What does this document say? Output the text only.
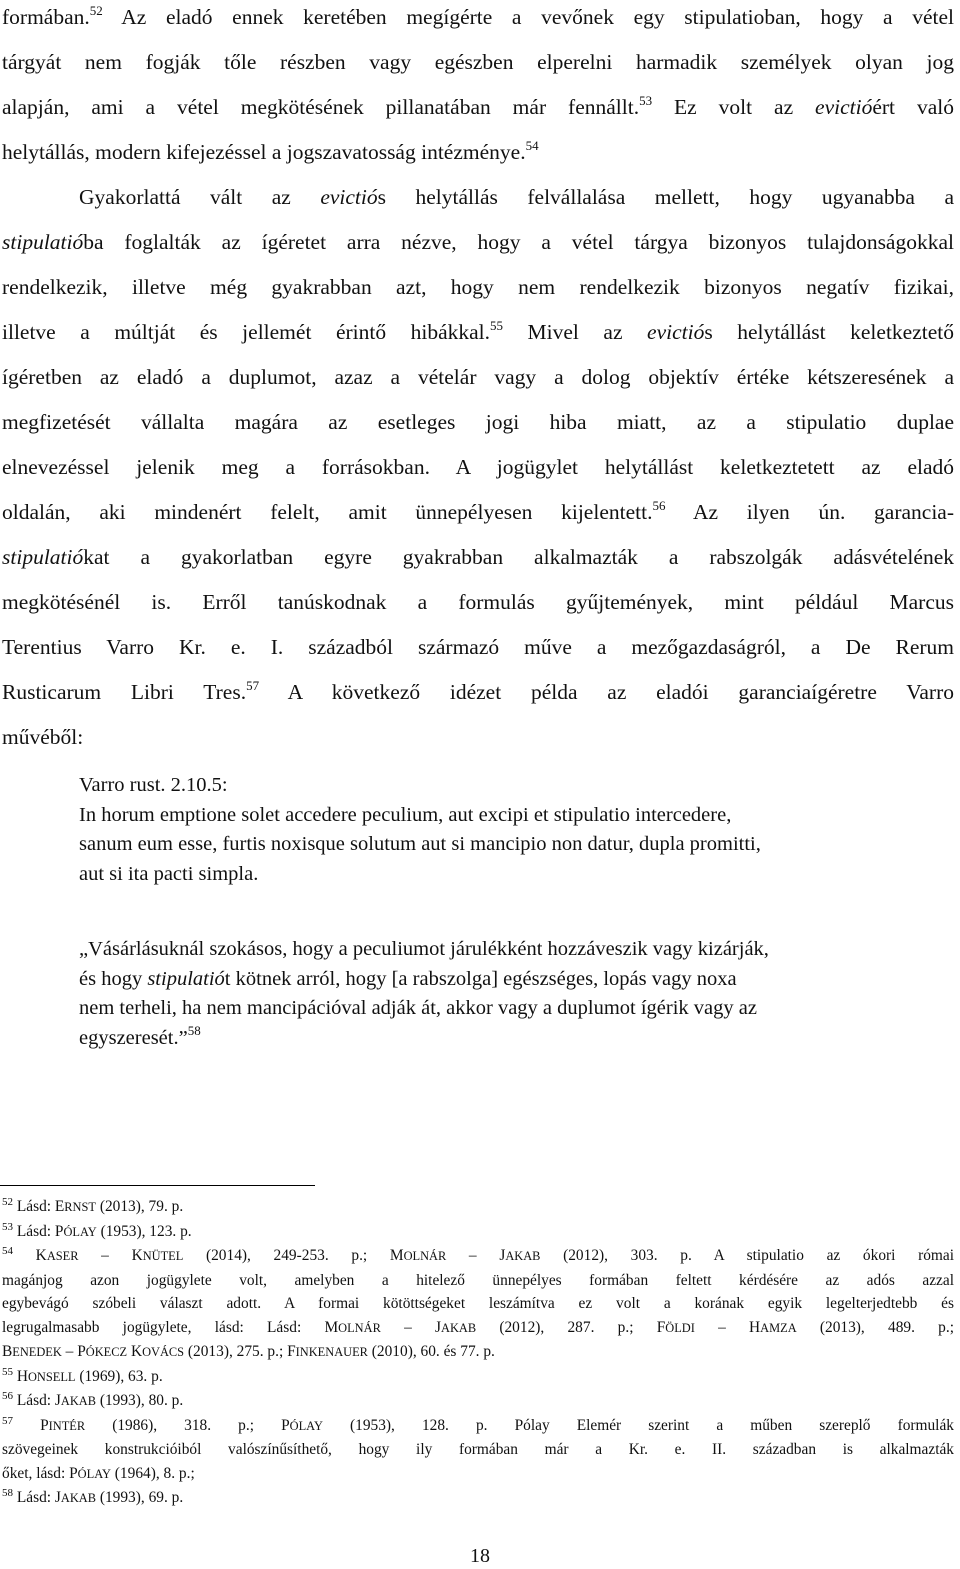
formában.$^{52}$ Az eladó ennek keretében megígérte a vevőnek egy stipulatioban, hogy a vétel
tárgyát nem fogják tőle részben vagy egészben elperelni harmadik személyek olyan jog
alapján, ami a vétel megkötésének pillanatában már fennállt.$^{53}$ Ez volt az evictióért való
helytállás, modern kifejezéssel a jogszavatosság intézménye.$^{54}$
Gyakorlattá vált az evictiós helytállás felvállalása mellett, hogy ugyanabba a
stipulatióba foglalták az ígéretet arra nézve, hogy a vétel tárgya bizonyos tulajdonságokkal
rendelkezik, illetve még gyakrabban azt, hogy nem rendelkezik bizonyos negatív fizikai,
illetve a múltját és jellemét érintő hibákkal.$^{55}$ Mivel az evictiós helytállást keletkeztető
ígéretben az eladó a duplumot, azaz a vételár vagy a dolog objektív értéke kétszeresének a
megfizetését vállalta magára az esetleges jogi hiba miatt, az a stipulatio duplae
elnevezéssel jelenik meg a forrásokban. A jogügylet helytállást keletkeztetett az eladó
oldalán, aki mindenért felelt, amit ünnepélyesen kijelentett.$^{56}$ Az ilyen ún. garancia-
stipulatiókat a gyakorlatban egyre gyakrabban alkalmazták a rabszolgák adásvételének
megkötésénél is. Erről tanúskodnak a formulás gyűjtemények, mint például Marcus
Terentius Varro Kr. e. I. századból származó műve a mezőgazdaságról, a De Rerum
Rusticarum Libri Tres.$^{57}$ A következő idézet példa az eladói garanciaígéretre Varro
művéből:
Varro rust. 2.10.5:
In horum emptione solet accedere peculium, aut excipi et stipulatio intercedere,
sanum eum esse, furtis noxisque solutum aut si mancipio non datur, dupla promitti,
aut si ita pacti simpla.
„Vásárlásuknál szokásos, hogy a peculiumot járulékként hozzáveszik vagy kizárják,
és hogy stipulatiót kötnek arról, hogy [a rabszolga] egészséges, lopás vagy noxa
nem terheli, ha nem mancipációval adják át, akkor vagy a duplumot ígérik vagy az
egyszeresét.”$^{58}$
$^{52}$ Lásd: ERNST (2013), 79. p.
$^{53}$ Lásd: PÓLAY (1953), 123. p.
$^{54}$ KASER – KNÜTEL (2014), 249-253. p.; MOLNÁR – JAKAB (2012), 303. p. A stipulatio az ókori római
magánjog azon jogügylete volt, amelyben a hitelező ünnepélyes formában feltett kérdésére az adós azzal
egybevágó szóbeli választ adott. A formai kötöttségeket leszámítva ez volt a korának egyik legelterjedtebb és
legrugalmasabb jogügylete, lásd: Lásd: MOLNÁR – JAKAB (2012), 287. p.; FÖLDI – HAMZA (2013), 489. p.;
BENEDEK – PÓKECZ KOVÁCS (2013), 275. p.; FINKENAUER (2010), 60. és 77. p.
$^{55}$ HONSELL (1969), 63. p.
$^{56}$ Lásd: JAKAB (1993), 80. p.
$^{57}$ PINTÉR (1986), 318. p.; PÓLAY (1953), 128. p. Pólay Elemér szerint a műben szereplő formulák
szövegeinek konstrukcióiból valószínűsíthető, hogy ily formában már a Kr. e. II. században is alkalmazták
őket, lásd: PÓLAY (1964), 8. p.;
$^{58}$ Lásd: JAKAB (1993), 69. p.
18
